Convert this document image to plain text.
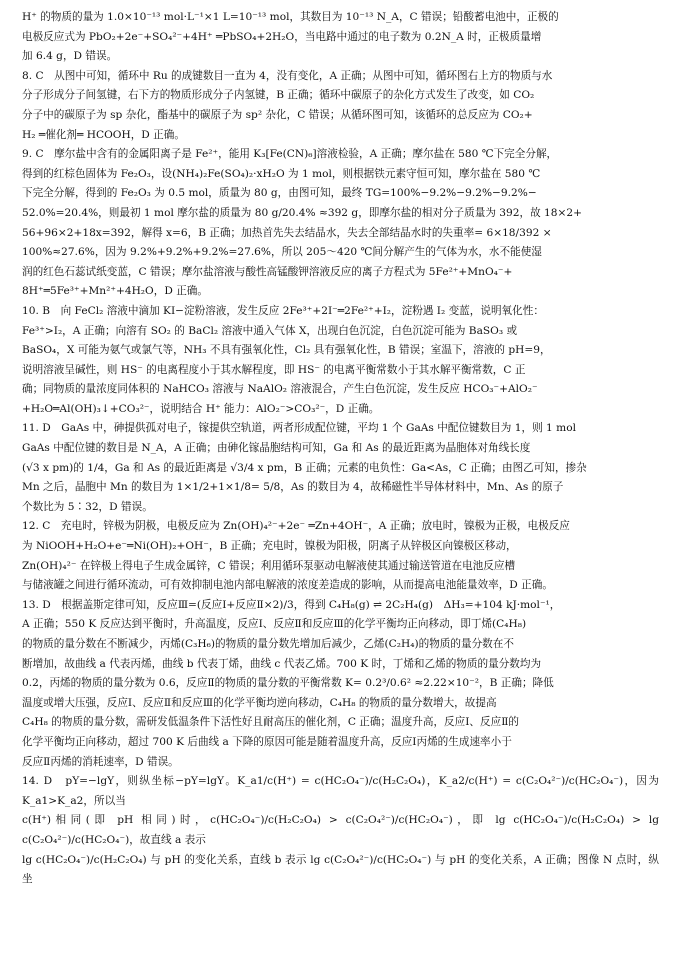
H⁺ 的物质的量为 1.0×10⁻¹³ mol·L⁻¹×1 L=10⁻¹³ mol，其数目为 10⁻¹³ N_A，C 错误；铅酸蓄电池中，正极的

电极反应式为 PbO₂+2e⁻+SO₄²⁻+4H⁺ ═PbSO₄+2H₂O，当电路中通过的电子数为 0.2N_A 时，正极质量增

加 6.4 g，D 错误。

8. C　从图中可知，循环中 Ru 的成键数目一直为 4，没有变化，A 正确；从图中可知，循环图右上方的物质与水

分子形成分子间氢键，右下方的物质形成分子内氢键，B 正确；循环中碳原子的杂化方式发生了改变，如 CO₂

分子中的碳原子为 sp 杂化，酯基中的碳原子为 sp² 杂化，C 错误；从循环图可知，该循环的总反应为 CO₂+

H₂ ═催化剂═ HCOOH，D 正确。

9. C　摩尔盐中含有的金属阳离子是 Fe²⁺，能用 K₃[Fe(CN)₆]溶液检验，A 正确；摩尔盐在 580 ℃下完全分解，

得到的红棕色固体为 Fe₂O₃，设(NH₄)₂Fe(SO₄)₂·xH₂O 为 1 mol，则根据铁元素守恒可知，摩尔盐在 580 ℃

下完全分解，得到的 Fe₂O₃ 为 0.5 mol，质量为 80 g，由图可知，最终 TG=100%−9.2%−9.2%−9.2%−

52.0%=20.4%，则最初 1 mol 摩尔盐的质量为 80 g/20.4% ≈392 g，即摩尔盐的相对分子质量为 392，故 18×2+

56+96×2+18x=392，解得 x=6，B 正确；加热首先失去结晶水，失去全部结晶水时的失重率= 6×18/392 ×

100%≈27.6%，因为 9.2%+9.2%+9.2%=27.6%，所以 205～420 ℃间分解产生的气体为水，水不能使湿

润的红色石蕊试纸变蓝，C 错误；摩尔盐溶液与酸性高锰酸钾溶液反应的离子方程式为 5Fe²⁺+MnO₄⁻+

8H⁺═5Fe³⁺+Mn²⁺+4H₂O，D 正确。

10. B　向 FeCl₂ 溶液中滴加 KI−淀粉溶液，发生反应 2Fe³⁺+2I⁻═2Fe²⁺+I₂，淀粉遇 I₂ 变蓝，说明氧化性：

Fe³⁺>I₂，A 正确；向溶有 SO₂ 的 BaCl₂ 溶液中通入气体 X，出现白色沉淀，白色沉淀可能为 BaSO₃ 或

BaSO₄，X 可能为氨气或氯气等，NH₃ 不具有强氧化性，Cl₂ 具有强氧化性，B 错误；室温下，溶液的 pH=9，

说明溶液呈碱性，则 HS⁻ 的电离程度小于其水解程度，即 HS⁻ 的电离平衡常数小于其水解平衡常数，C 正

确；同物质的量浓度同体积的 NaHCO₃ 溶液与 NaAlO₂ 溶液混合，产生白色沉淀，发生反应 HCO₃⁻+AlO₂⁻

+H₂O═Al(OH)₃↓+CO₃²⁻，说明结合 H⁺ 能力：AlO₂⁻>CO₃²⁻，D 正确。

11. D　GaAs 中，砷提供孤对电子，镓提供空轨道，两者形成配位键，平均 1 个 GaAs 中配位键数目为 1，则 1 mol

GaAs 中配位键的数目是 N_A，A 正确；由砷化镓晶胞结构可知，Ga 和 As 的最近距离为晶胞体对角线长度

(√3 x pm)的 1/4，Ga 和 As 的最近距离是 √3/4 x pm，B 正确；元素的电负性：Ga<As，C 正确；由图乙可知，掺杂

Mn 之后，晶胞中 Mn 的数目为 1×1/2+1×1/8= 5/8，As 的数目为 4，故稀磁性半导体材料中，Mn、As 的原子

个数比为 5∶32，D 错误。

12. C　充电时，锌极为阴极，电极反应为 Zn(OH)₄²⁻+2e⁻ ═Zn+4OH⁻，A 正确；放电时，镍极为正极，电极反应

为 NiOOH+H₂O+e⁻═Ni(OH)₂+OH⁻，B 正确；充电时，镍极为阳极，阴离子从锌极区向镍极区移动，

Zn(OH)₄²⁻ 在锌极上得电子生成金属锌，C 错误；利用循环泵驱动电解液使其通过输送管道在电池反应槽

与储液罐之间进行循环流动，可有效抑制电池内部电解液的浓度差造成的影响，从而提高电池能量效率，D 正确。

13. D　根据盖斯定律可知，反应Ⅲ=(反应Ⅰ+反应Ⅱ×2)/3，得到 C₄H₈(g) ⇌ 2C₂H₄(g)　ΔH₃=+104 kJ·mol⁻¹，

A 正确；550 K 反应达到平衡时，升高温度，反应Ⅰ、反应Ⅱ和反应Ⅲ的化学平衡均正向移动，即丁烯(C₄H₈)

的物质的量分数在不断减少，丙烯(C₃H₆)的物质的量分数先增加后减少，乙烯(C₂H₄)的物质的量分数在不

断增加，故曲线 a 代表丙烯，曲线 b 代表丁烯，曲线 c 代表乙烯。700 K 时，丁烯和乙烯的物质的量分数均为

0.2，丙烯的物质的量分数为 0.6，反应Ⅱ的物质的量分数的平衡常数 K= 0.2³/0.6² ≈2.22×10⁻²，B 正确；降低

温度或增大压强，反应Ⅰ、反应Ⅱ和反应Ⅲ的化学平衡均逆向移动，C₄H₈ 的物质的量分数增大，故提高

C₄H₈ 的物质的量分数，需研发低温条件下活性好且耐高压的催化剂，C 正确；温度升高，反应Ⅰ、反应Ⅱ的

化学平衡均正向移动，超过 700 K 后曲线 a 下降的原因可能是随着温度升高，反应Ⅰ丙烯的生成速率小于

反应Ⅱ丙烯的消耗速率，D 错误。

14. D　pY=−lgY，则纵坐标−pY=lgY。K_a1/c(H⁺) = c(HC₂O₄⁻)/c(H₂C₂O₄)，K_a2/c(H⁺) = c(C₂O₄²⁻)/c(HC₂O₄⁻)，因为 K_a1>K_a2，所以当

c(H⁺)相同(即 pH 相同)时，c(HC₂O₄⁻)/c(H₂C₂O₄) > c(C₂O₄²⁻)/c(HC₂O₄⁻)，即 lg c(HC₂O₄⁻)/c(H₂C₂O₄) > lg c(C₂O₄²⁻)/c(HC₂O₄⁻)，故直线 a 表示

lg c(HC₂O₄⁻)/c(H₂C₂O₄) 与 pH 的变化关系，直线 b 表示 lg c(C₂O₄²⁻)/c(HC₂O₄⁻) 与 pH 的变化关系，A 正确；图像 N 点时，纵坐
